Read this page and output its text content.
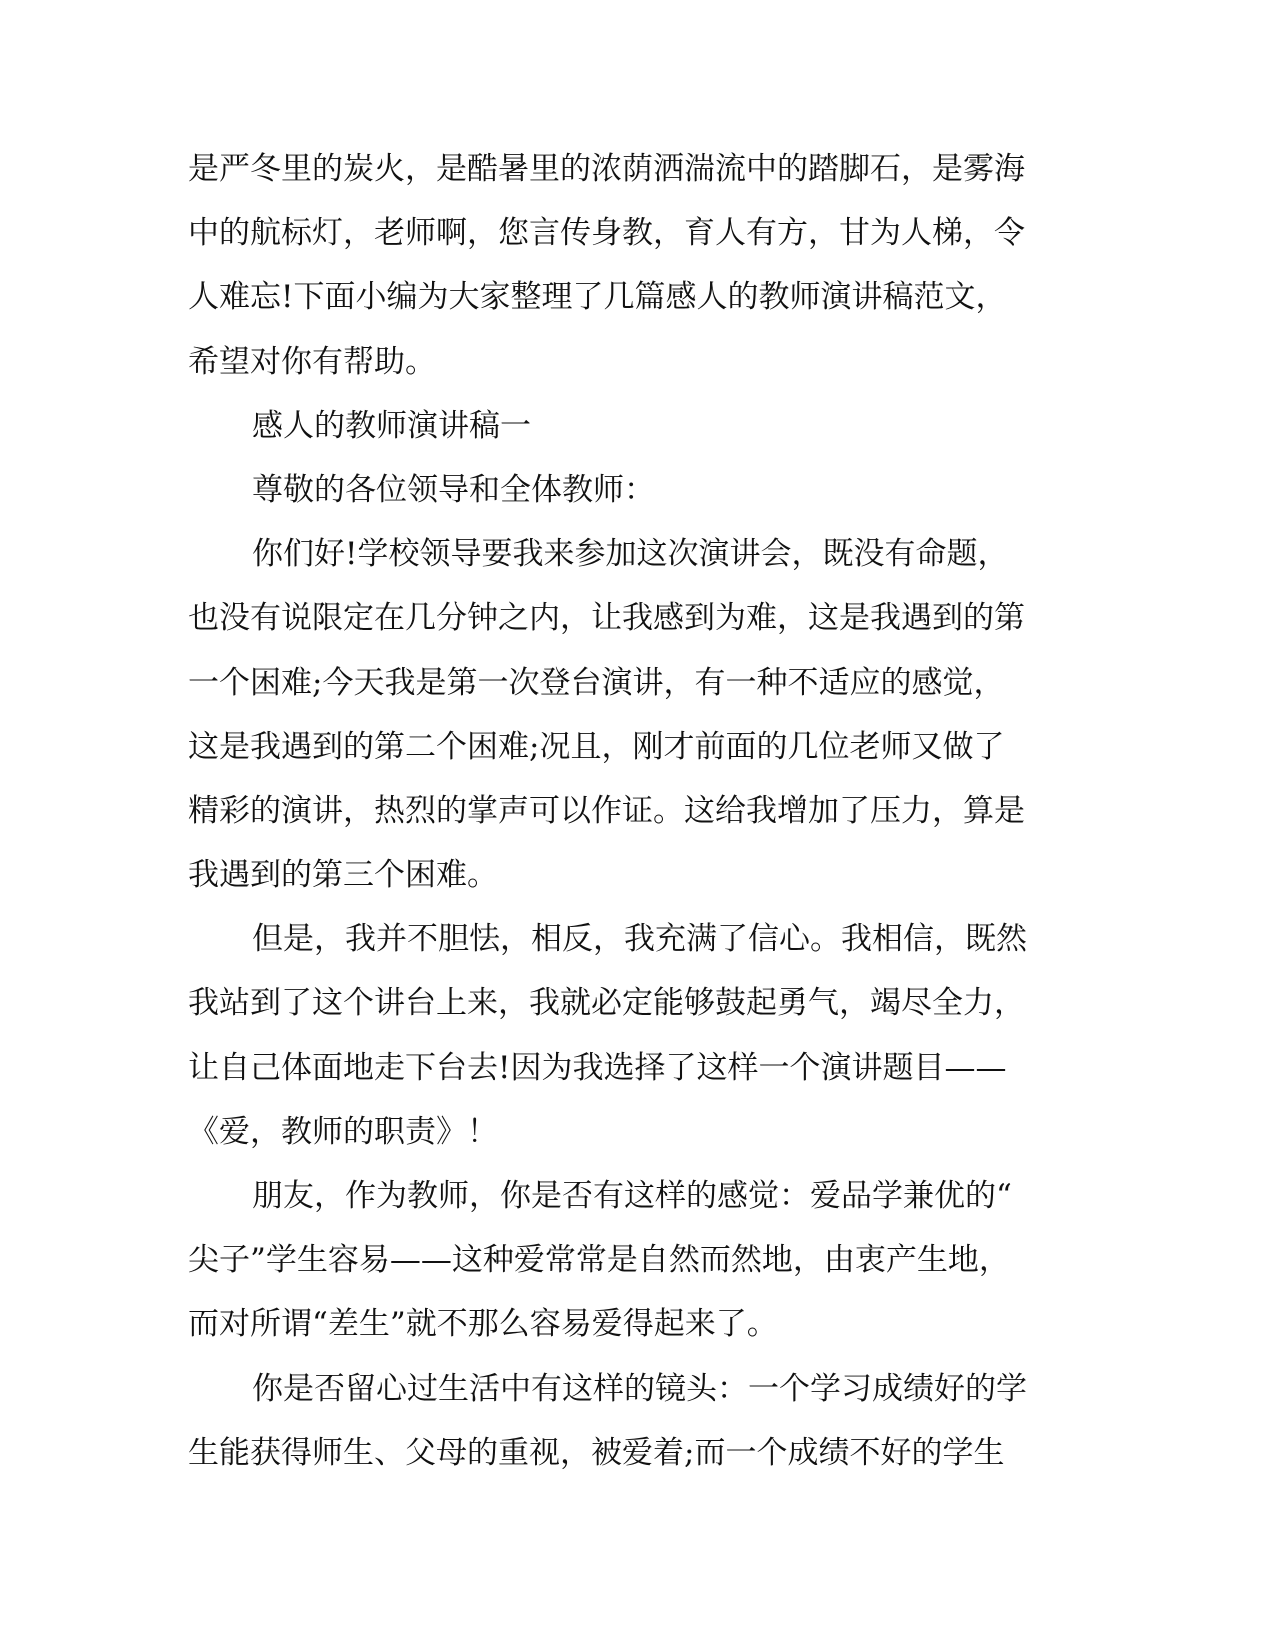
是严冬里的炭火，是酷暑里的浓荫洒湍流中的踏脚石，是雾海
中的航标灯，老师啊，您言传身教，育人有方，甘为人梯，令
人难忘!下面小编为大家整理了几篇感人的教师演讲稿范文，
希望对你有帮助。
感人的教师演讲稿一
尊敬的各位领导和全体教师：
你们好!学校领导要我来参加这次演讲会，既没有命题，
也没有说限定在几分钟之内，让我感到为难，这是我遇到的第
一个困难;今天我是第一次登台演讲，有一种不适应的感觉，
这是我遇到的第二个困难;况且，刚才前面的几位老师又做了
精彩的演讲，热烈的掌声可以作证。这给我增加了压力，算是
我遇到的第三个困难。
但是，我并不胆怯，相反，我充满了信心。我相信，既然
我站到了这个讲台上来，我就必定能够鼓起勇气，竭尽全力，
让自己体面地走下台去!因为我选择了这样一个演讲题目——
《爱，教师的职责》！
朋友，作为教师，你是否有这样的感觉：爱品学兼优的“
尖子”学生容易——这种爱常常是自然而然地，由衷产生地，
而对所谓“差生”就不那么容易爱得起来了。
你是否留心过生活中有这样的镜头：一个学习成绩好的学
生能获得师生、父母的重视，被爱着;而一个成绩不好的学生
